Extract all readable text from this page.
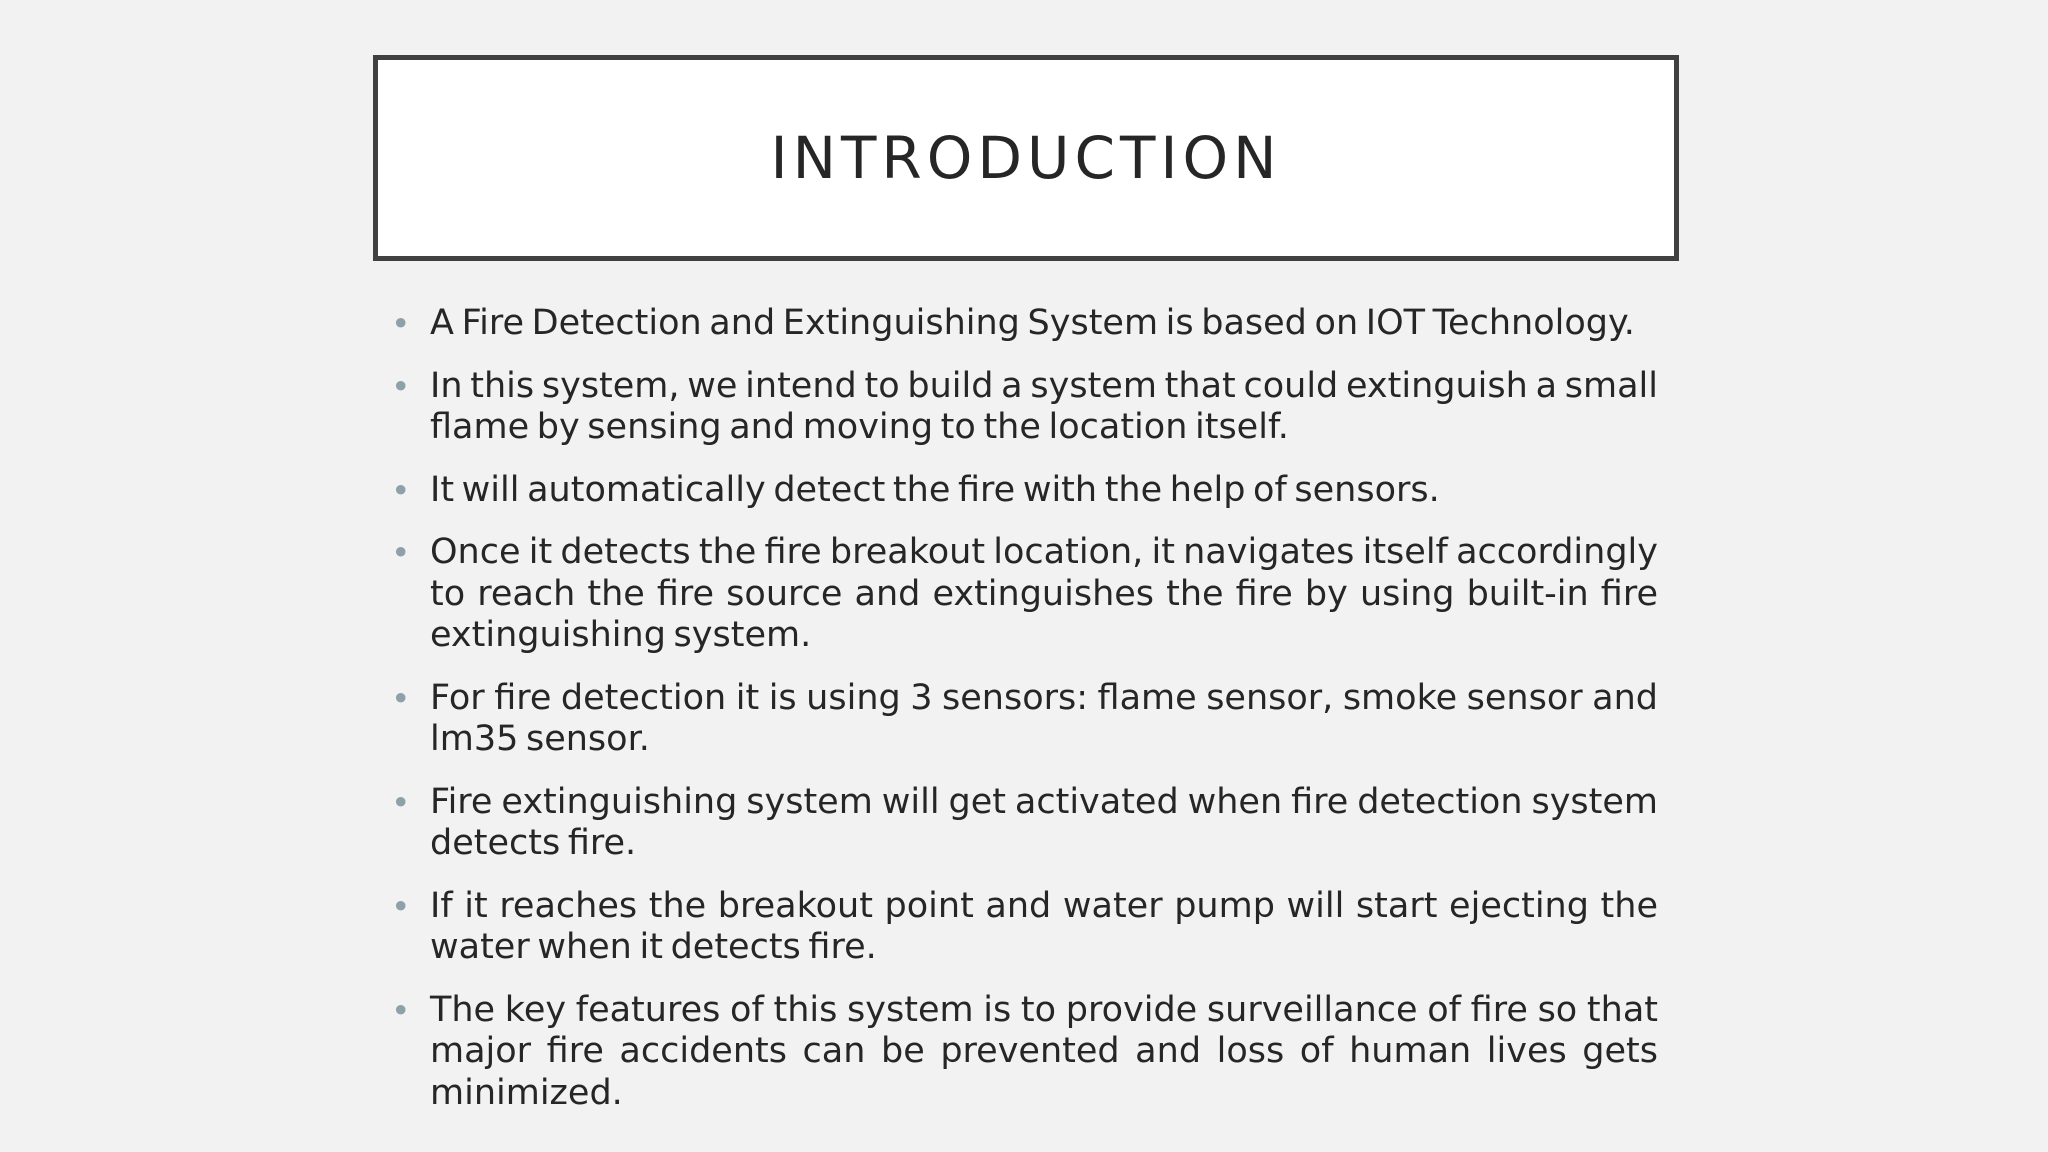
INTRODUCTION
• A Fire Detection and Extinguishing System is based on IOT Technology.
• In this system, we intend to build a system that could extinguish a small flame by sensing and moving to the location itself.
• It will automatically detect the fire with the help of sensors.
• Once it detects the fire breakout location, it navigates itself accordingly to reach the fire source and extinguishes the fire by using built-in fire extinguishing system.
• For fire detection it is using 3 sensors: flame sensor, smoke sensor and lm35 sensor.
• Fire extinguishing system will get activated when fire detection system detects fire.
• If it reaches the breakout point and water pump will start ejecting the water when it detects fire.
• The key features of this system is to provide surveillance of fire so that major fire accidents can be prevented and loss of human lives gets minimized.
